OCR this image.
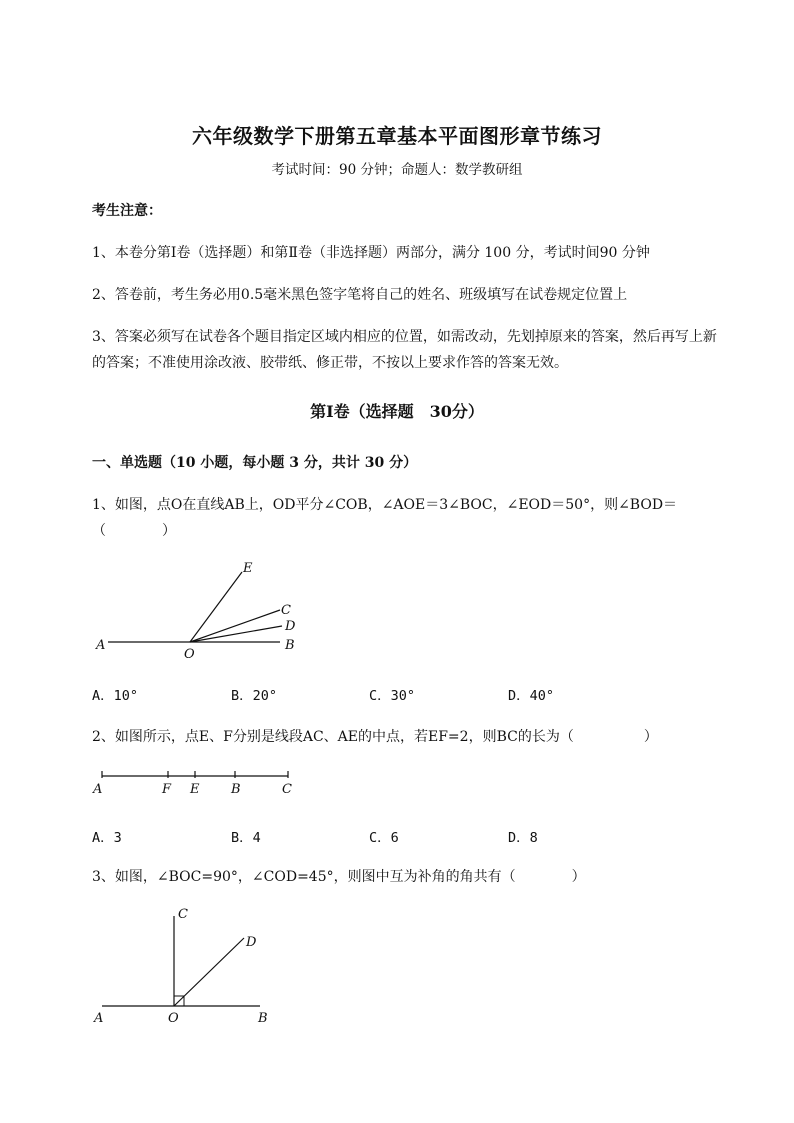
六年级数学下册第五章基本平面图形章节练习
考试时间：90 分钟；命题人：数学教研组
考生注意：
1、本卷分第Ⅰ卷（选择题）和第Ⅱ卷（非选择题）两部分，满分 100 分，考试时间90 分钟
2、答卷前，考生务必用0.5毫米黑色签字笔将自己的姓名、班级填写在试卷规定位置上
3、答案必须写在试卷各个题目指定区域内相应的位置，如需改动，先划掉原来的答案，然后再写上新
的答案；不准使用涂改液、胶带纸、修正带，不按以上要求作答的答案无效。
第Ⅰ卷（选择题　30分）
一、单选题（10 小题，每小题 3 分，共计 30 分）
1、如图，点O在直线AB上，OD平分∠COB，∠AOE＝3∠BOC，∠EOD＝50°，则∠BOD＝
（　　　　）
A
O
B
E
C
D
A．10°	B．20°	C．30°	D．40°
2、如图所示，点E、F分别是线段AC、AE的中点，若EF=2，则BC的长为（　　　　　）
A	F E B	C
A．3	B．4	C．6	D．8
3、如图，∠BOC=90°，∠COD=45°，则图中互为补角的角共有（　　　　）
A	O	B
C
D
